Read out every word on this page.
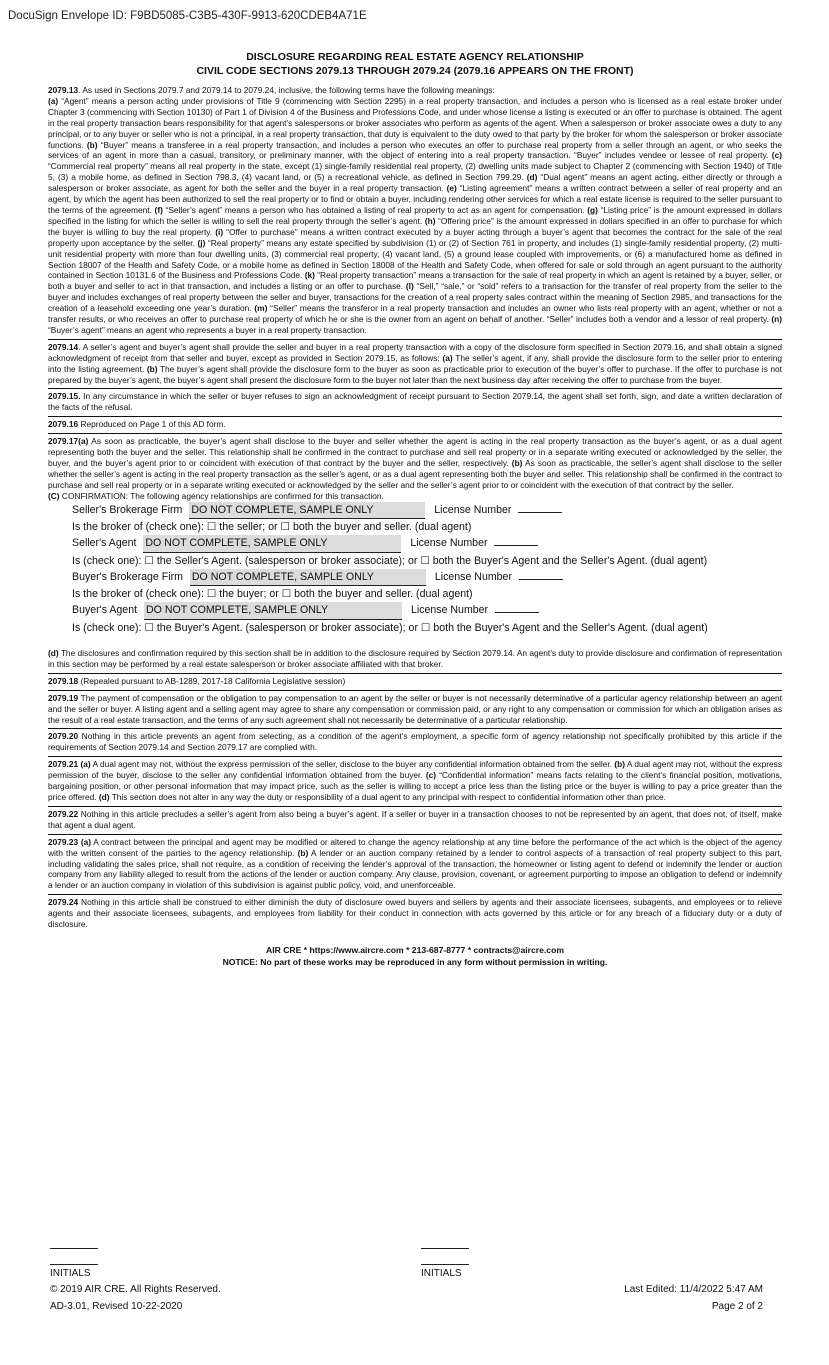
DocuSign Envelope ID: F9BD5085-C3B5-430F-9913-620CDEB4A71E
DISCLOSURE REGARDING REAL ESTATE AGENCY RELATIONSHIP
CIVIL CODE SECTIONS 2079.13 THROUGH 2079.24 (2079.16 APPEARS ON THE FRONT)

2079.13. As used in Sections 2079.7 and 2079.14 to 2079.24, inclusive, the following terms have the following meanings:
(a) “Agent” means a person acting under provisions of Title 9 (commencing with Section 2295) in a real property transaction, and includes a person who is licensed as a real estate broker under Chapter 3 (commencing with Section 10130) of Part 1 of Division 4 of the Business and Professions Code, and under whose license a listing is executed or an offer to purchase is obtained. The agent in the real property transaction bears responsibility for that agent’s salespersons or broker associates who perform as agents of the agent. When a salesperson or broker associate owes a duty to any principal, or to any buyer or seller who is not a principal, in a real property transaction, that duty is equivalent to the duty owed to that party by the broker for whom the salesperson or broker associate functions. (b) “Buyer” means a transferee in a real property transaction, and includes a person who executes an offer to purchase real property from a seller through an agent, or who seeks the services of an agent in more than a casual, transitory, or preliminary manner, with the object of entering into a real property transaction. “Buyer” includes vendee or lessee of real property. (c) “Commercial real property” means all real property in the state, except (1) single-family residential real property, (2) dwelling units made subject to Chapter 2 (commencing with Section 1940) of Title 5, (3) a mobile home, as defined in Section 798.3, (4) vacant land, or (5) a recreational vehicle, as defined in Section 799.29. (d) “Dual agent” means an agent acting, either directly or through a salesperson or broker associate, as agent for both the seller and the buyer in a real property transaction. (e) “Listing agreement” means a written contract between a seller of real property and an agent, by which the agent has been authorized to sell the real property or to find or obtain a buyer, including rendering other services for which a real estate license is required to the seller pursuant to the terms of the agreement. (f) “Seller’s agent” means a person who has obtained a listing of real property to act as an agent for compensation. (g) “Listing price” is the amount expressed in dollars specified in the listing for which the seller is willing to sell the real property through the seller’s agent. (h) “Offering price” is the amount expressed in dollars specified in an offer to purchase for which the buyer is willing to buy the real property. (i) “Offer to purchase” means a written contract executed by a buyer acting through a buyer’s agent that becomes the contract for the sale of the real property upon acceptance by the seller. (j) “Real property” means any estate specified by subdivision (1) or (2) of Section 761 in property, and includes (1) single-family residential property, (2) multi-unit residential property with more than four dwelling units, (3) commercial real property, (4) vacant land, (5) a ground lease coupled with improvements, or (6) a manufactured home as defined in Section 18007 of the Health and Safety Code, or a mobile home as defined in Section 18008 of the Health and Safety Code, when offered for sale or sold through an agent pursuant to the authority contained in Section 10131.6 of the Business and Professions Code. (k) “Real property transaction” means a transaction for the sale of real property in which an agent is retained by a buyer, seller, or both a buyer and seller to act in that transaction, and includes a listing or an offer to purchase. (l) “Sell,” “sale,” or “sold” refers to a transaction for the transfer of real property from the seller to the buyer and includes exchanges of real property between the seller and buyer, transactions for the creation of a real property sales contract within the meaning of Section 2985, and transactions for the creation of a leasehold exceeding one year’s duration. (m) “Seller” means the transferor in a real property transaction and includes an owner who lists real property with an agent, whether or not a transfer results, or who receives an offer to purchase real property of which he or she is the owner from an agent on behalf of another. “Seller” includes both a vendor and a lessor of real property. (n) “Buyer’s agent” means an agent who represents a buyer in a real property transaction.

2079.14. A seller’s agent and buyer’s agent shall provide the seller and buyer in a real property transaction with a copy of the disclosure form specified in Section 2079.16, and shall obtain a signed acknowledgment of receipt from that seller and buyer, except as provided in Section 2079.15, as follows: (a) The seller’s agent, if any, shall provide the disclosure form to the seller prior to entering into the listing agreement. (b) The buyer’s agent shall provide the disclosure form to the buyer as soon as practicable prior to execution of the buyer’s offer to purchase. If the offer to purchase is not prepared by the buyer’s agent, the buyer’s agent shall present the disclosure form to the buyer not later than the next business day after receiving the offer to purchase from the buyer.

2079.15. In any circumstance in which the seller or buyer refuses to sign an acknowledgment of receipt pursuant to Section 2079.14, the agent shall set forth, sign, and date a written declaration of the facts of the refusal.

2079.16 Reproduced on Page 1 of this AD form.

2079.17(a) As soon as practicable, the buyer’s agent shall disclose to the buyer and seller whether the agent is acting in the real property transaction as the buyer’s agent, or as a dual agent representing both the buyer and the seller. This relationship shall be confirmed in the contract to purchase and sell real property or in a separate writing executed or acknowledged by the seller, the buyer, and the buyer’s agent prior to or coincident with execution of that contract by the buyer and the seller, respectively. (b) As soon as practicable, the seller’s agent shall disclose to the seller whether the seller’s agent is acting in the real property transaction as the seller’s agent, or as a dual agent representing both the buyer and seller. This relationship shall be confirmed in the contract to purchase and sell real property or in a separate writing executed or acknowledged by the seller and the seller’s agent prior to or coincident with the execution of that contract by the seller.
(C) CONFIRMATION: The following agency relationships are confirmed for this transaction.

Seller's Brokerage Firm DO NOT COMPLETE, SAMPLE ONLY	License Number
Is the broker of (check one): ☐ the seller; or ☐ both the buyer and seller. (dual agent)
Seller's Agent DO NOT COMPLETE, SAMPLE ONLY	License Number
Is (check one): ☐ the Seller's Agent. (salesperson or broker associate); or ☐ both the Buyer's Agent and the Seller's Agent. (dual agent)
Buyer's Brokerage Firm DO NOT COMPLETE, SAMPLE ONLY	License Number
Is the broker of (check one): ☐ the buyer; or ☐ both the buyer and seller. (dual agent)
Buyer's Agent DO NOT COMPLETE, SAMPLE ONLY	License Number
Is (check one): ☐ the Buyer's Agent. (salesperson or broker associate); or ☐ both the Buyer's Agent and the Seller's Agent. (dual agent)

(d) The disclosures and confirmation required by this section shall be in addition to the disclosure required by Section 2079.14. An agent’s duty to provide disclosure and confirmation of representation in this section may be performed by a real estate salesperson or broker associate affiliated with that broker.

2079.18 (Repealed pursuant to AB-1289, 2017-18 California Legislative session)

2079.19 The payment of compensation or the obligation to pay compensation to an agent by the seller or buyer is not necessarily determinative of a particular agency relationship between an agent and the seller or buyer. A listing agent and a selling agent may agree to share any compensation or commission paid, or any right to any compensation or commission for which an obligation arises as the result of a real estate transaction, and the terms of any such agreement shall not necessarily be determinative of a particular relationship.

2079.20 Nothing in this article prevents an agent from selecting, as a condition of the agent’s employment, a specific form of agency relationship not specifically prohibited by this article if the requirements of Section 2079.14 and Section 2079.17 are complied with.

2079.21 (a) A dual agent may not, without the express permission of the seller, disclose to the buyer any confidential information obtained from the seller. (b) A dual agent may not, without the express permission of the buyer, disclose to the seller any confidential information obtained from the buyer. (c) “Confidential information” means facts relating to the client’s financial position, motivations, bargaining position, or other personal information that may impact price, such as the seller is willing to accept a price less than the listing price or the buyer is willing to pay a price greater than the price offered. (d) This section does not alter in any way the duty or responsibility of a dual agent to any principal with respect to confidential information other than price.

2079.22 Nothing in this article precludes a seller’s agent from also being a buyer’s agent. If a seller or buyer in a transaction chooses to not be represented by an agent, that does not, of itself, make that agent a dual agent.

2079.23 (a) A contract between the principal and agent may be modified or altered to change the agency relationship at any time before the performance of the act which is the object of the agency with the written consent of the parties to the agency relationship. (b) A lender or an auction company retained by a lender to control aspects of a transaction of real property subject to this part, including validating the sales price, shall not require, as a condition of receiving the lender’s approval of the transaction, the homeowner or listing agent to defend or indemnify the lender or auction company from any liability alleged to result from the actions of the lender or auction company. Any clause, provision, covenant, or agreement purporting to impose an obligation to defend or indemnify a lender or an auction company in violation of this subdivision is against public policy, void, and unenforceable.

2079.24 Nothing in this article shall be construed to either diminish the duty of disclosure owed buyers and sellers by agents and their associate licensees, subagents, and employees or to relieve agents and their associate licensees, subagents, and employees from liability for their conduct in connection with acts governed by this article or for any breach of a fiduciary duty or a duty of disclosure.

AIR CRE * https://www.aircre.com * 213-687-8777 * contracts@aircre.com
NOTICE: No part of these works may be reproduced in any form without permission in writing.
INITIALS	INITIALS
© 2019 AIR CRE. All Rights Reserved.
AD-3.01, Revised 10-22-2020
Last Edited: 11/4/2022 5:47 AM
Page 2 of 2
